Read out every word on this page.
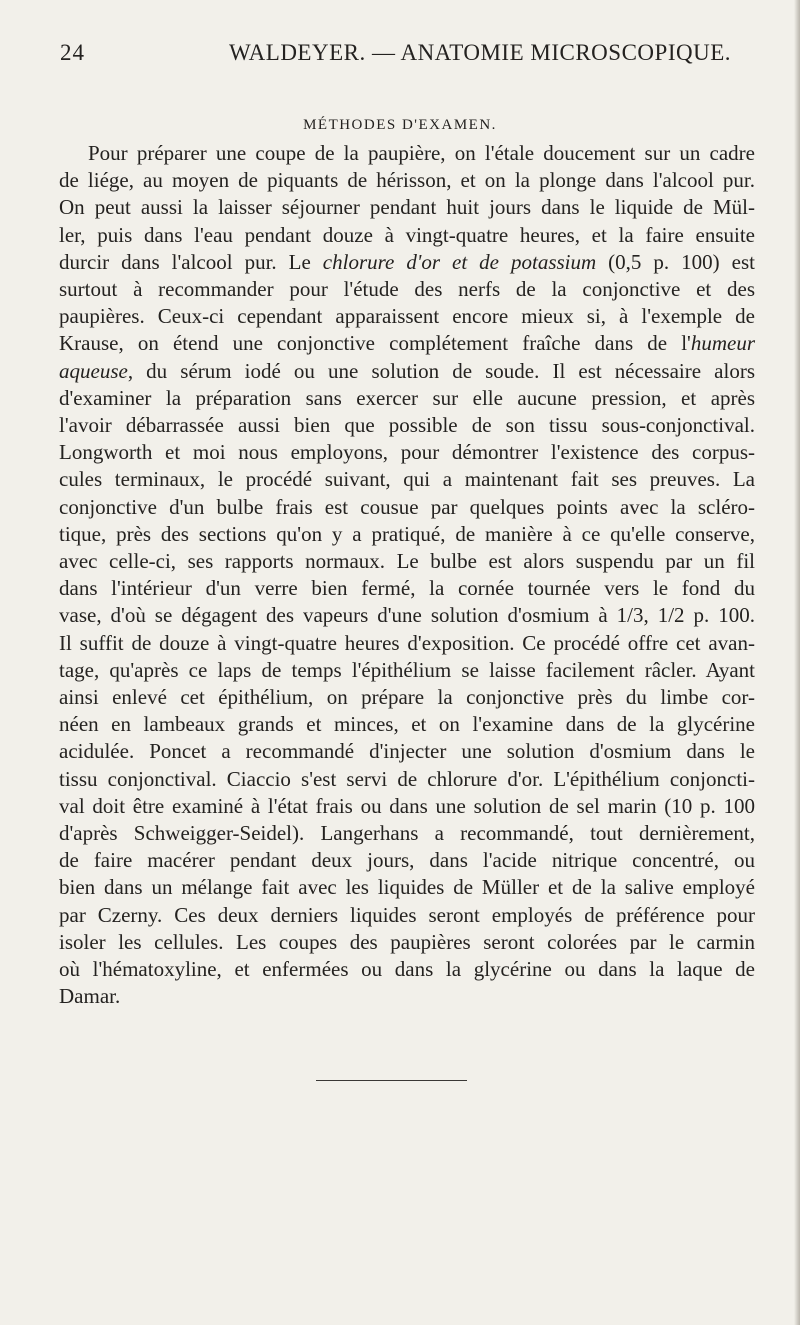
24	WALDEYER. — ANATOMIE MICROSCOPIQUE.
MÉTHODES D'EXAMEN.
Pour préparer une coupe de la paupière, on l'étale doucement sur un cadre
de liége, au moyen de piquants de hérisson, et on la plonge dans l'alcool pur.
On peut aussi la laisser séjourner pendant huit jours dans le liquide de Mül-
ler, puis dans l'eau pendant douze à vingt-quatre heures, et la faire ensuite
durcir dans l'alcool pur. Le chlorure d'or et de potassium (0,5 p. 100) est
surtout à recommander pour l'étude des nerfs de la conjonctive et des
paupières. Ceux-ci cependant apparaissent encore mieux si, à l'exemple de
Krause, on étend une conjonctive complétement fraîche dans de l'humeur
aqueuse, du sérum iodé ou une solution de soude. Il est nécessaire alors
d'examiner la préparation sans exercer sur elle aucune pression, et après
l'avoir débarrassée aussi bien que possible de son tissu sous-conjonctival.
Longworth et moi nous employons, pour démontrer l'existence des corpus-
cules terminaux, le procédé suivant, qui a maintenant fait ses preuves. La
conjonctive d'un bulbe frais est cousue par quelques points avec la scléro-
tique, près des sections qu'on y a pratiqué, de manière à ce qu'elle conserve,
avec celle-ci, ses rapports normaux. Le bulbe est alors suspendu par un fil
dans l'intérieur d'un verre bien fermé, la cornée tournée vers le fond du
vase, d'où se dégagent des vapeurs d'une solution d'osmium à 1/3, 1/2 p. 100.
Il suffit de douze à vingt-quatre heures d'exposition. Ce procédé offre cet avan-
tage, qu'après ce laps de temps l'épithélium se laisse facilement râcler. Ayant
ainsi enlevé cet épithélium, on prépare la conjonctive près du limbe cor-
néen en lambeaux grands et minces, et on l'examine dans de la glycérine
acidulée. Poncet a recommandé d'injecter une solution d'osmium dans le
tissu conjonctival. Ciaccio s'est servi de chlorure d'or. L'épithélium conjoncti-
val doit être examiné à l'état frais ou dans une solution de sel marin (10 p. 100
d'après Schweigger-Seidel). Langerhans a recommandé, tout dernièrement,
de faire macérer pendant deux jours, dans l'acide nitrique concentré, ou
bien dans un mélange fait avec les liquides de Müller et de la salive employé
par Czerny. Ces deux derniers liquides seront employés de préférence pour
isoler les cellules. Les coupes des paupières seront colorées par le carmin
où l'hématoxyline, et enfermées ou dans la glycérine ou dans la laque de
Damar.
